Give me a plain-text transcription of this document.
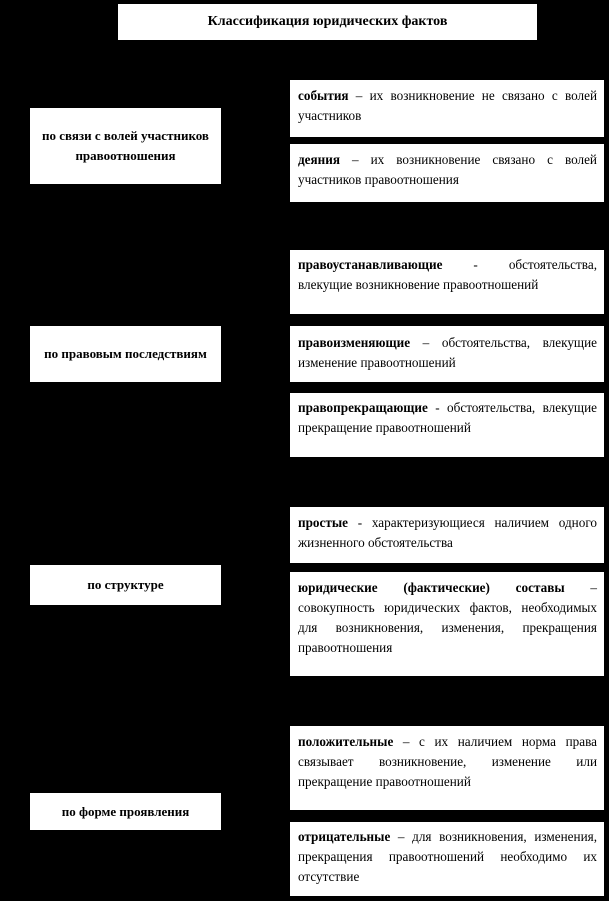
Классификация юридических фактов
по связи с волей участников правоотношения
события – их возникновение не связано с волей участников
деяния – их возникновение связано с волей участников правоотношения
по правовым последствиям
правоустанавливающие - обстоятельства, влекущие возникновение правоотношений
правоизменяющие – обстоятельства, влекущие изменение правоотношений
правопрекращающие - обстоятельства, влекущие прекращение правоотношений
по структуре
простые - характеризующиеся наличием одного жизненного обстоятельства
юридические (фактические) составы – совокупность юридических фактов, необходимых для возникновения, изменения, прекращения правоотношения
по форме проявления
положительные – с их наличием норма права связывает возникновение, изменение или прекращение правоотношений
отрицательные – для возникновения, изменения, прекращения правоотношений необходимо их отсутствие
